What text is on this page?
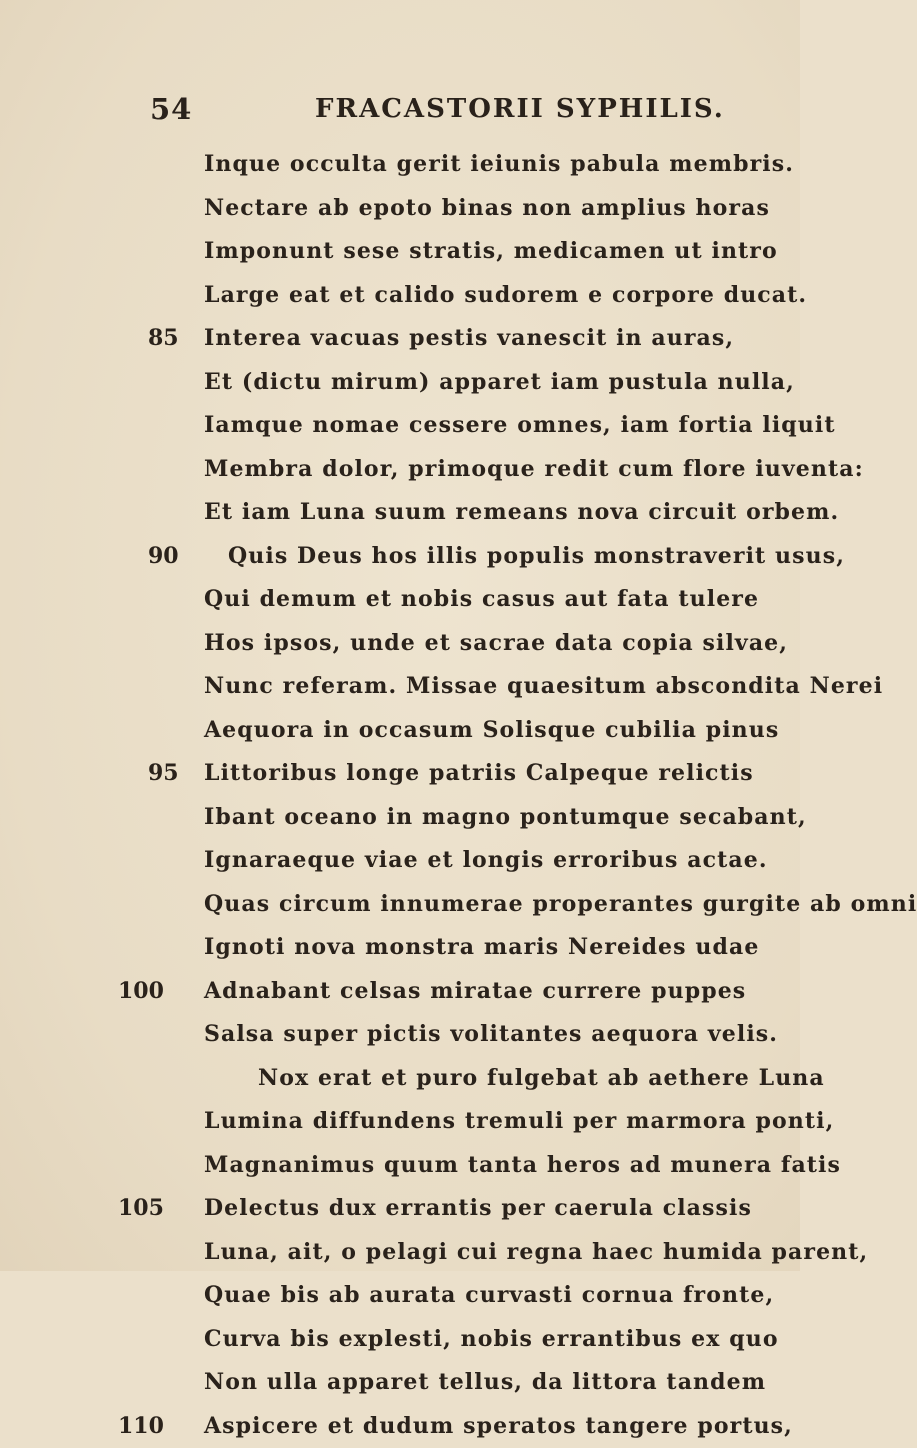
54	FRACASTORII SYPHILIS.
Inque occulta gerit ieiunis pabula membris.
Nectare ab epoto binas non amplius horas
Imponunt sese stratis, medicamen ut intro
Large eat et calido sudorem e corpore ducat.
85	Interea vacuas pestis vanescit in auras,
Et (dictu mirum) apparet iam pustula nulla,
Iamque nomae cessere omnes, iam fortia liquit
Membra dolor, primoque redit cum flore iuventa:
Et iam Luna suum remeans nova circuit orbem.
90	Quis Deus hos illis populis monstraverit usus,
Qui demum et nobis casus aut fata tulere
Hos ipsos, unde et sacrae data copia silvae,
Nunc referam. Missae quaesitum abscondita Nerei
Aequora in occasum Solisque cubilia pinus
95	Littoribus longe patriis Calpeque relictis
Ibant oceano in magno pontumque secabant,
Ignaraeque viae et longis erroribus actae.
Quas circum innumerae properantes gurgite ab omni
Ignoti nova monstra maris Nereides udae
100	Adnabant celsas miratae currere puppes
Salsa super pictis volitantes aequora velis.
Nox erat et puro fulgebat ab aethere Luna
Lumina diffundens tremuli per marmora ponti,
Magnanimus quum tanta heros ad munera fatis
105	Delectus dux errantis per caerula classis
Luna, ait, o pelagi cui regna haec humida parent,
Quae bis ab aurata curvasti cornua fronte,
Curva bis explesti, nobis errantibus ex quo
Non ulla apparet tellus, da littora tandem
110	Aspicere et dudum speratos tangere portus,
